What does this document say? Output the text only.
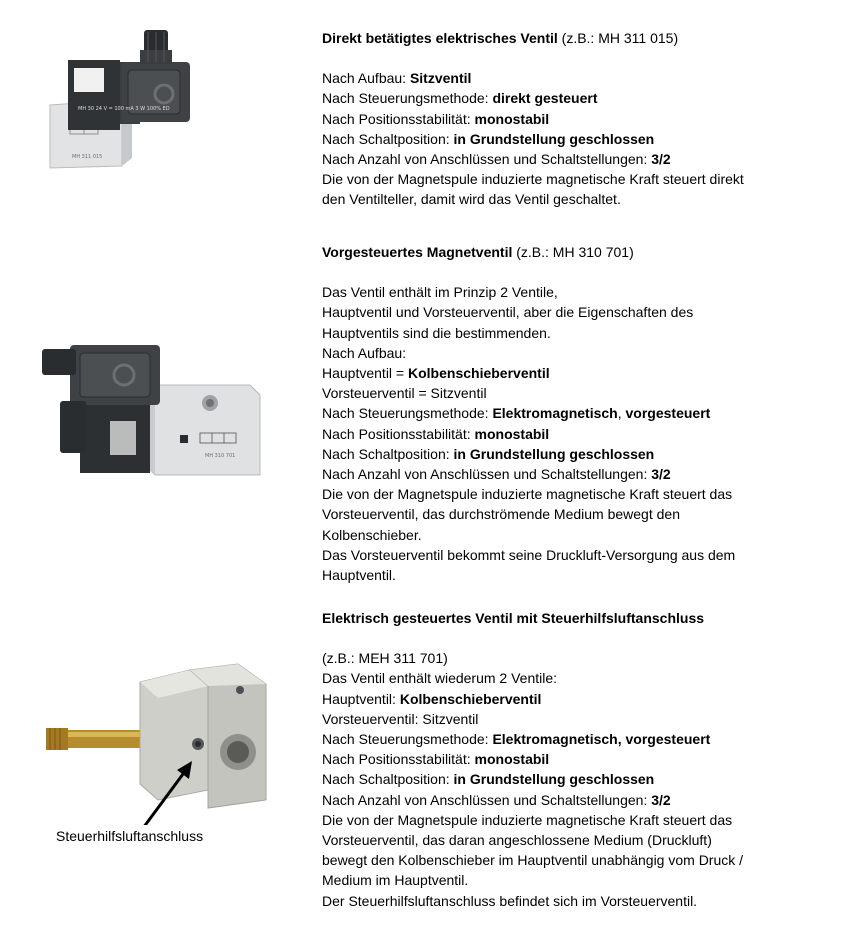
MH 30 24 V = 100 mA 3 W 100% ED
MH 311 015
MH 310 701
Steuerhilfsluftanschluss

Direkt betätigtes elektrisches Ventil (z.B.: MH 311 015)

Nach Aufbau: Sitzventil

Nach Steuerungsmethode: direkt gesteuert

Nach Positionsstabilität: monostabil

Nach Schaltposition: in Grundstellung geschlossen

Nach Anzahl von Anschlüssen und Schaltstellungen: 3/2

Die von der Magnetspule induzierte magnetische Kraft steuert direkt

den Ventilteller, damit wird das Ventil geschaltet.

Vorgesteuertes Magnetventil (z.B.: MH 310 701)

Das Ventil enthält im Prinzip 2 Ventile,

Hauptventil und Vorsteuerventil, aber die Eigenschaften des

Hauptventils sind die bestimmenden.

Nach Aufbau:

Hauptventil = Kolbenschieberventil

Vorsteuerventil = Sitzventil

Nach Steuerungsmethode: Elektromagnetisch, vorgesteuert

Nach Positionsstabilität: monostabil

Nach Schaltposition: in Grundstellung geschlossen

Nach Anzahl von Anschlüssen und Schaltstellungen: 3/2

Die von der Magnetspule induzierte magnetische Kraft steuert das

Vorsteuerventil, das durchströmende Medium bewegt den

Kolbenschieber.

Das Vorsteuerventil bekommt seine Druckluft-Versorgung aus dem

Hauptventil.

Elektrisch gesteuertes Ventil mit Steuerhilfsluftanschluss

(z.B.: MEH 311 701)

Das Ventil enthält wiederum 2 Ventile:

Hauptventil: Kolbenschieberventil

Vorsteuerventil: Sitzventil

Nach Steuerungsmethode: Elektromagnetisch, vorgesteuert

Nach Positionsstabilität: monostabil

Nach Schaltposition: in Grundstellung geschlossen

Nach Anzahl von Anschlüssen und Schaltstellungen: 3/2

Die von der Magnetspule induzierte magnetische Kraft steuert das

Vorsteuerventil, das daran angeschlossene Medium (Druckluft)

bewegt den Kolbenschieber im Hauptventil unabhängig vom Druck /

Medium im Hauptventil.

Der Steuerhilfsluftanschluss befindet sich im Vorsteuerventil.
